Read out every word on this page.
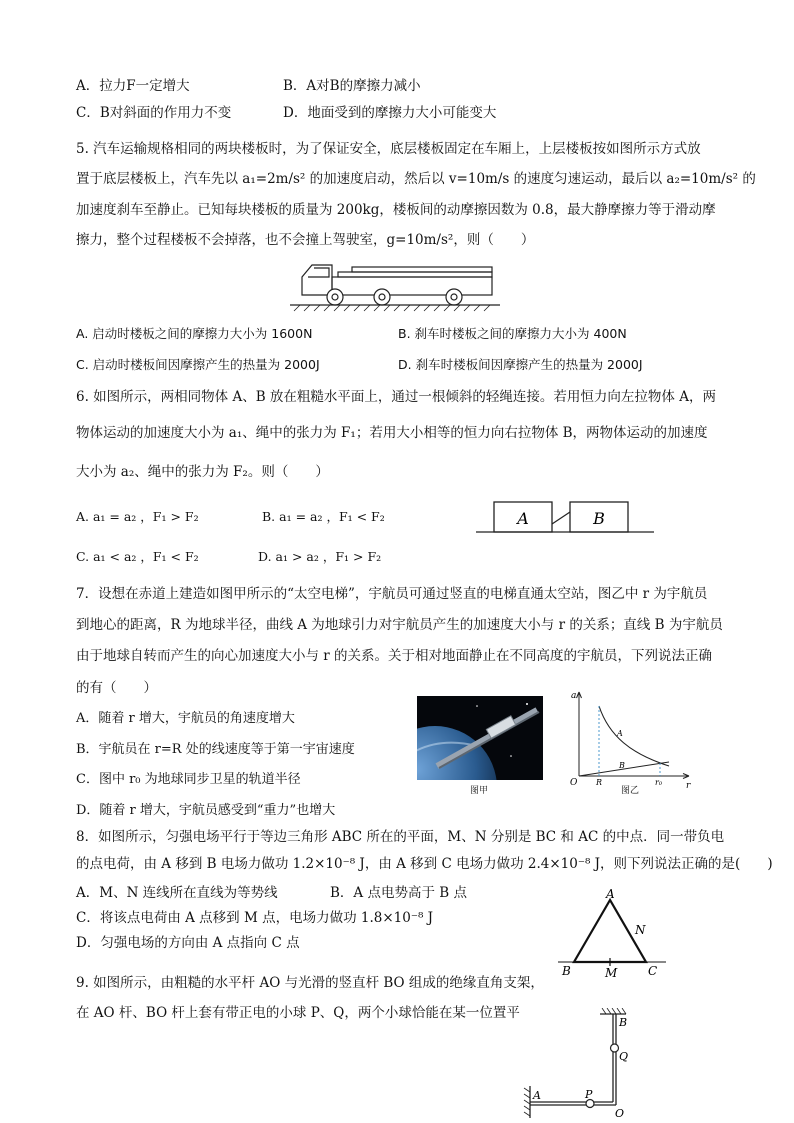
A．拉力F一定增大	B．A对B的摩擦力减小
C．B对斜面的作用力不变	D．地面受到的摩擦力大小可能变大
5. 汽车运输规格相同的两块楼板时，为了保证安全，底层楼板固定在车厢上，上层楼板按如图所示方式放
置于底层楼板上，汽车先以 a₁=2m/s² 的加速度启动，然后以 v=10m/s 的速度匀速运动，最后以 a₂=10m/s² 的
加速度刹车至静止。已知每块楼板的质量为 200kg，楼板间的动摩擦因数为 0.8，最大静摩擦力等于滑动摩
擦力，整个过程楼板不会掉落，也不会撞上驾驶室，g=10m/s²，则（　　）
A. 启动时楼板之间的摩擦力大小为 1600N	B. 刹车时楼板之间的摩擦力大小为 400N
C. 启动时楼板间因摩擦产生的热量为 2000J	D. 刹车时楼板间因摩擦产生的热量为 2000J
6. 如图所示，两相同物体 A、B 放在粗糙水平面上，通过一根倾斜的轻绳连接。若用恒力向左拉物体 A，两
物体运动的加速度大小为 a₁、绳中的张力为 F₁；若用大小相等的恒力向右拉物体 B，两物体运动的加速度
大小为 a₂、绳中的张力为 F₂。则（　　）
A. a₁ = a₂ ，F₁ > F₂	B. a₁ = a₂ ，F₁ < F₂
C. a₁ < a₂ ，F₁ < F₂	D. a₁ > a₂ ，F₁ > F₂
A	B
7．设想在赤道上建造如图甲所示的“太空电梯”，宇航员可通过竖直的电梯直通太空站，图乙中 r 为宇航员
到地心的距离，R 为地球半径，曲线 A 为地球引力对宇航员产生的加速度大小与 r 的关系；直线 B 为宇航员
由于地球自转而产生的向心加速度大小与 r 的关系。关于相对地面静止在不同高度的宇航员，下列说法正确
的有（　　）
A．随着 r 增大，宇航员的角速度增大
B．宇航员在 r=R 处的线速度等于第一宇宙速度
C．图中 r₀ 为地球同步卫星的轨道半径
D．随着 r 增大，宇航员感受到“重力”也增大
图甲
a
O	r
R	r₀
A
B
图乙
8．如图所示，匀强电场平行于等边三角形 ABC 所在的平面，M、N 分别是 BC 和 AC 的中点．同一带负电
的点电荷，由 A 移到 B 电场力做功 1.2×10⁻⁸ J，由 A 移到 C 电场力做功 2.4×10⁻⁸ J，则下列说法正确的是(　　)
A．M、N 连线所在直线为等势线	B．A 点电势高于 B 点
C．将该点电荷由 A 点移到 M 点，电场力做功 1.8×10⁻⁸ J
D．匀强电场的方向由 A 点指向 C 点
A
B	C
M
N
9. 如图所示，由粗糙的水平杆 AO 与光滑的竖直杆 BO 组成的绝缘直角支架，
在 AO 杆、BO 杆上套有带正电的小球 P、Q，两个小球恰能在某一位置平
B
Q
A	P
O
